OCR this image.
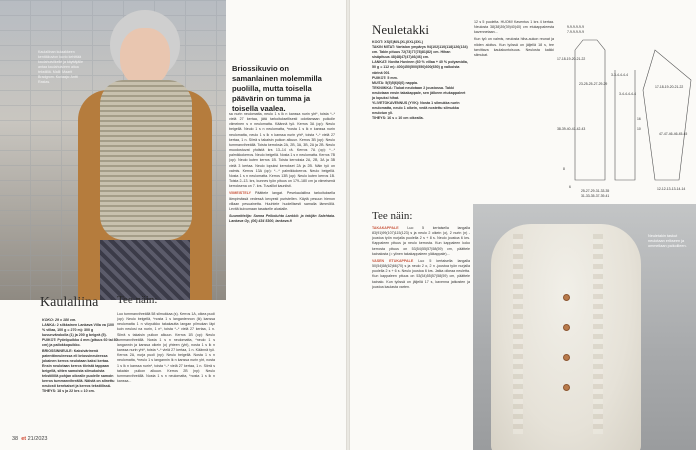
Kaulaliinan kulaakkeen kenttäkuvion kuvio kehittää kaulahuivilkelle ja käyttäjälle antaa kaulahuivieen aitoa tekstiiliä. Malli: Maarit Bradgrom. Kuvaaja: Antti Rastas.
Briossikuvio on samanlainen molemmilla puolilla, mutta toisella päävärin on tumma ja toisella vaalea.
Kaulaliina
KOKO: 29 x 180 cm.
LANKA: 2 silkkainen Lankava Villa va (100 % villaa, 100 g = 270 m): 300 g kuvunvärokolla (1) ja 200 g beigeä (5).
PUIKOT: Pyöröpuikko 4 mm (pituus 60 tai 80 cm) ja pallokkopuikko.
BRIOSSINNEULE: Kaksivärinenä patenttineuleessa eli briossineuleessa jokainen kerros neulotaan kaksi kertaa. Ensin neulotaan kerros tiivistä tappaan beigellä, sitten samoista silmukoista tekstiilillä pohjan oikealle puolelle samoin kerros tummanvihreällä. Näistä on alinettu neulosti kenrkaiset ja kerros tekstiilissä.
TIHEYS: 18 s ja 22 krs = 10 cm.
Tee näin:

Luo tummanvihreällä 58 silmukkaa (s). Kerros 1A, oikea puoli (op): Neulo beigellä, *nosta 1 s langanlennon (lk) kanssa neulomatta 1 n viivpuikko takakautta langan pilmukan läpi kuin neulosi na nurin, 1 n*, toista *–* vielä 27 kertaa, 1 n. Siirrä s takaisin puikon alkuun. Kerros 1B (op): Neulo tummanvihreällä. Nosta 1 s n neulomatta, *neulo 1 s langannin ja kanssa oikein (o) yhteen (yht), nosta 1 s lk n kanssa nurin yht*, toista *–* vielä 27 kertaa, 1 n. Käännä työ. Kerros 2A, nurja puoli (np): Neulo beigellä. Nosta 1 s n neulomatta, *neulo 1 s langannin lk n kanssa nurin yht, nosta 1 s lk n kanssa nurin*, toista *–* vielä 27 kertaa, 1 n. Siirrä s takaisin puikon alkuun. Kerros 2B (np): Neulo tummanvihreällä. Nosta 1 s n neulomatta, *nosta 1 s lk n kanssa...

sa nurin neulomatta, neulo 1 s lk n kanssa nurin yht*, toista *–* vielä 27 kertaa, jätä tarkoituksellisesti odottamaan puikolle viimeinen s n neulomatta. Käännä työ. Kerros 3A (op): Neulo beigellä. Neulo 1 s n neulomatta, *nosta 1 s lk n kanssa nurin neulomatta, neulo 1 s lk n kanssa nurin yht*, toista *–* vielä 27 kertaa, 1 n. Siirrä s takaisin puikon alkuun. Kerros 3B (op): Neulo tummanvihreällä. Toista kerroksia 2A, 2B, 3A, 3B, 2A ja 2B. Neulo muodostuvat yhdistä krs 13–14 rä. Kerros 7A (op): *...* palmikkokerros. Neulo beigellä. Nosta 1 s n neulomatta. Kerros 7B (op): Neulo kuten kerros 1B. Toista kerroksia 2A, 2B, 3A ja 3B vielä 3 kertaa. Neulo lopuksi kerrokset 2A ja 2B. Näin työ on valmis. Kerros 13A (op): *...* palmikkokerros. Neulo beigellä. Nosta 1 s n neulomatta. Kerros 13B (op): Neulo kuten kerros 1B. Toista 2–13. krs, kunnes työn pituus on 179–180 cm ja viimeisenä kerroksena on 7. krs. Tuvalllot kauniisti.

VIIMEISTELY Päättele langat. Pesekaulaliina tarkoituksella lämpimässä vedessä kevyesti puristellen. Käytä pesuun hienon villaan pesuainetta. Huuhtele huolellisesti samalla lämmöllä. Levitä kuivumaan tasaiselle alustalle.

Suunnittelija: Sanna Pelkoluhta Lankkii: ja tekijän Salehtaia. Lankava Oy, (06) 434 5300, lankava.fi

38 et 21/2023
Neuletakki
KOOT: XS(S)M/L(XL)XXL(3XL)
TAKIN MITAT: Vartalon ympärys 94(102)110(118)126(134) cm. Takin pituus 72(73)77(78)81(82) cm. Hihan sisäpituus 48(48)47(47)46(46) cm.
LANKAT: Novita Huvinen (60 % villaa + 40 % polyamidia, 50 g = 112 m): 400(450)500(550)600(650) g valkoista värinä 001
PUIKOT: 5 mm.
MUITA: 5(5)5(6)6(6) nappia.
TEKNIIKKA: Tiukat neulotaan 2 joustossa. Takki neulotaan ensin takakappale, sen jälkeen etukappaleet ja lopuksi hihat.
YLIVETOKAVENNUS (YVK): Nosta 1 silmukka nurin neulomatta, neulo 1 oikein, vedä nostettu silmukka neulotun yli.
TIHEYS: 16 s = 10 cm oikealla.
Tee näin:

TAKAKAPPALE Luo 5 kertaisella langalla 83(91)99(107)115(123) s ja neulo 2 oikein (o), 2 nurin (n) -joustoa työn nurjalla puolella 2 s + 8 s. Neulo joustoa 6 krs. Kappaleen pituus ja neulo kerrosta. Kun kappaleen koko kerrosta pituus on 53(54)55(57)58(59) cm, päättele kainalosta (= ylinen takakappaleen yläkappale)...

VASEN ETUKAPPALE Luo 5 kertaisella langalla 50(54)58(62)66(70) s ja neulo 2 o, 2 n -joustoa työn nurjalla puolella 2 s + 6 s. Neulo joustoa 6 krs. Jatka oikeaa neuletta. Kun kappaleen pituus on 53(54)55(57)58(59) cm, päättele kainalo. Kun työssä on jäljellä 17 s, kavenna jatkosten ja joustoa kaulasta varten.

12 s 5 puolelta. HUOM! Kaventus 1 krs 4 kertaa. Neulosta 38(38)39(39)40(40) cm etukappaleesta kavennetaan...

Kun työ on valmis, neulosta hiha-aukon reunat ja niiden aloitus. Kun työssä on jäljellä 18 s, tee tarvittava kaulakuntoisuus. Neulosta kaikki silmukat.

9-9-9-9-9-9
7-9-9-9-9-9
17-18-19-20-21-22
3-3-4-4-4-4
23-25-25-27-29-29
3-4-4-4-4-4
38-39-40-41-42-43
17-18-19-20-21-22
16
10
8
47-47-46-46-45-45
6
25-27-29-31-33-35
31-33-35-37-39-41
12-12-13-13-14-14
Neuletakin taskut neulotaan erikseen ja ommellaan paikoilleen.
